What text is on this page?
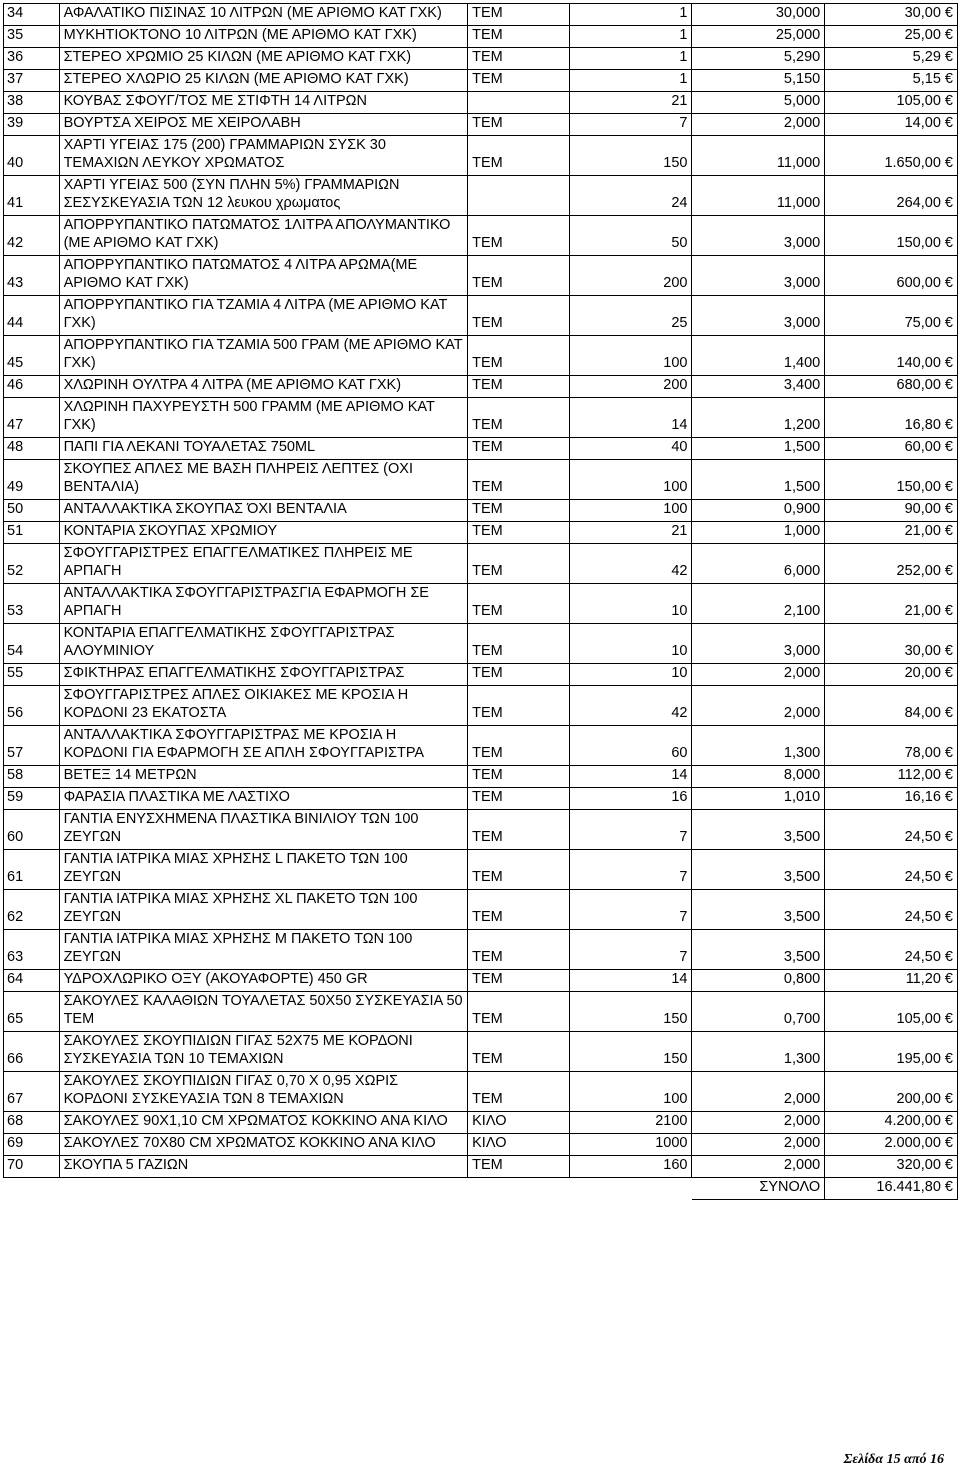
34	ΑΦΑΛΑΤΙΚΟ ΠΙΣΙΝΑΣ 10 ΛΙΤΡΩΝ (ΜΕ ΑΡΙΘΜΟ ΚΑΤ ΓΧΚ)	ΤΕΜ	1	30,000	30,00 €
35	ΜΥΚΗΤΙΟΚΤΟΝΟ 10 ΛΙΤΡΩΝ (ΜΕ ΑΡΙΘΜΟ ΚΑΤ ΓΧΚ)	ΤΕΜ	1	25,000	25,00 €
36	ΣΤΕΡΕΟ ΧΡΩΜΙΟ 25 ΚΙΛΩΝ (ΜΕ ΑΡΙΘΜΟ ΚΑΤ ΓΧΚ)	ΤΕΜ	1	5,290	5,29 €
37	ΣΤΕΡΕΟ ΧΛΩΡΙΟ 25 ΚΙΛΩΝ (ΜΕ ΑΡΙΘΜΟ ΚΑΤ ΓΧΚ)	ΤΕΜ	1	5,150	5,15 €
38	ΚΟΥΒΑΣ ΣΦΟΥΓ/ΤΟΣ ΜΕ ΣΤΙΦΤΗ 14 ΛΙΤΡΩΝ		21	5,000	105,00 €
39	ΒΟΥΡΤΣΑ ΧΕΙΡΟΣ ΜΕ ΧΕΙΡΟΛΑΒΗ	ΤΕΜ	7	2,000	14,00 €
40	ΧΑΡΤΙ ΥΓΕΙΑΣ 175 (200) ΓΡΑΜΜΑΡΙΩΝ ΣΥΣΚ 30 ΤΕΜΑΧΙΩΝ ΛΕΥΚΟΥ ΧΡΩΜΑΤΟΣ	ΤΕΜ	150	11,000	1.650,00 €
41	ΧΑΡΤΙ ΥΓΕΙΑΣ 500 (ΣΥΝ ΠΛΗΝ 5%) ΓΡΑΜΜΑΡΙΩΝ ΣΕΣΥΣΚΕΥΑΣΙΑ ΤΩΝ 12 λευκου χρωματος		24	11,000	264,00 €
42	ΑΠΟΡΡΥΠΑΝΤΙΚΟ ΠΑΤΩΜΑΤΟΣ 1ΛΙΤΡΑ ΑΠΟΛΥΜΑΝΤΙΚΟ (ΜΕ ΑΡΙΘΜΟ ΚΑΤ ΓΧΚ)	ΤΕΜ	50	3,000	150,00 €
43	ΑΠΟΡΡΥΠΑΝΤΙΚΟ ΠΑΤΩΜΑΤΟΣ 4 ΛΙΤΡΑ ΑΡΩΜΑ(ΜΕ ΑΡΙΘΜΟ ΚΑΤ ΓΧΚ)	ΤΕΜ	200	3,000	600,00 €
44	ΑΠΟΡΡΥΠΑΝΤΙΚΟ ΓΙΑ ΤΖΑΜΙΑ 4 ΛΙΤΡΑ (ΜΕ ΑΡΙΘΜΟ ΚΑΤ ΓΧΚ)	ΤΕΜ	25	3,000	75,00 €
45	ΑΠΟΡΡΥΠΑΝΤΙΚΟ ΓΙΑ ΤΖΑΜΙΑ 500 ΓΡΑΜ (ΜΕ ΑΡΙΘΜΟ ΚΑΤ ΓΧΚ)	ΤΕΜ	100	1,400	140,00 €
46	ΧΛΩΡΙΝΗ ΟΥΛΤΡΑ 4 ΛΙΤΡΑ (ΜΕ ΑΡΙΘΜΟ ΚΑΤ ΓΧΚ)	ΤΕΜ	200	3,400	680,00 €
47	ΧΛΩΡΙΝΗ ΠΑΧΥΡΕΥΣΤΗ 500 ΓΡΑΜΜ (ΜΕ ΑΡΙΘΜΟ ΚΑΤ ΓΧΚ)	ΤΕΜ	14	1,200	16,80 €
48	ΠΑΠΙ ΓΙΑ ΛΕΚΑΝΙ ΤΟΥΑΛΕΤΑΣ 750ML	ΤΕΜ	40	1,500	60,00 €
49	ΣΚΟΥΠΕΣ ΑΠΛΕΣ ΜΕ ΒΑΣΗ ΠΛΗΡΕΙΣ ΛΕΠΤΕΣ (ΟΧΙ ΒΕΝΤΑΛΙΑ)	ΤΕΜ	100	1,500	150,00 €
50	ΑΝΤΑΛΛΑΚΤΙΚΑ ΣΚΟΥΠΑΣ ΌΧΙ ΒΕΝΤΑΛΙΑ	ΤΕΜ	100	0,900	90,00 €
51	ΚΟΝΤΑΡΙΑ ΣΚΟΥΠΑΣ ΧΡΩΜΙΟΥ	ΤΕΜ	21	1,000	21,00 €
52	ΣΦΟΥΓΓΑΡΙΣΤΡΕΣ ΕΠΑΓΓΕΛΜΑΤΙΚΕΣ ΠΛΗΡΕΙΣ ΜΕ ΑΡΠΑΓΗ	ΤΕΜ	42	6,000	252,00 €
53	ΑΝΤΑΛΛΑΚΤΙΚΑ ΣΦΟΥΓΓΑΡΙΣΤΡΑΣΓΙΑ ΕΦΑΡΜΟΓΗ ΣΕ ΑΡΠΑΓΗ	ΤΕΜ	10	2,100	21,00 €
54	ΚΟΝΤΑΡΙΑ ΕΠΑΓΓΕΛΜΑΤΙΚΗΣ ΣΦΟΥΓΓΑΡΙΣΤΡΑΣ ΑΛΟΥΜΙΝΙΟΥ	ΤΕΜ	10	3,000	30,00 €
55	ΣΦΙΚΤΗΡΑΣ ΕΠΑΓΓΕΛΜΑΤΙΚΗΣ ΣΦΟΥΓΓΑΡΙΣΤΡΑΣ	ΤΕΜ	10	2,000	20,00 €
56	ΣΦΟΥΓΓΑΡΙΣΤΡΕΣ ΑΠΛΕΣ ΟΙΚΙΑΚΕΣ ΜΕ ΚΡΟΣΙΑ Η ΚΟΡΔΟΝΙ 23 ΕΚΑΤΟΣΤΑ	ΤΕΜ	42	2,000	84,00 €
57	ΑΝΤΑΛΛΑΚΤΙΚΑ ΣΦΟΥΓΓΑΡΙΣΤΡΑΣ ΜΕ ΚΡΟΣΙΑ Η ΚΟΡΔΟΝΙ ΓΙΑ ΕΦΑΡΜΟΓΗ ΣΕ ΑΠΛΗ ΣΦΟΥΓΓΑΡΙΣΤΡΑ	ΤΕΜ	60	1,300	78,00 €
58	ΒΕΤΕΞ 14 ΜΕΤΡΩΝ	ΤΕΜ	14	8,000	112,00 €
59	ΦΑΡΑΣΙΑ ΠΛΑΣΤΙΚΑ ΜΕ ΛΑΣΤΙΧΟ	ΤΕΜ	16	1,010	16,16 €
60	ΓΑΝΤΙΑ ΕΝΥΣΧΗΜΕΝΑ ΠΛΑΣΤΙΚΑ ΒΙΝΙΛΙΟΥ ΤΩΝ 100 ΖΕΥΓΩΝ	ΤΕΜ	7	3,500	24,50 €
61	ΓΑΝΤΙΑ ΙΑΤΡΙΚΑ ΜΙΑΣ ΧΡΗΣΗΣ L ΠΑΚΕΤΟ ΤΩΝ 100 ΖΕΥΓΩΝ	ΤΕΜ	7	3,500	24,50 €
62	ΓΑΝΤΙΑ ΙΑΤΡΙΚΑ ΜΙΑΣ ΧΡΗΣΗΣ XL ΠΑΚΕΤΟ ΤΩΝ 100 ΖΕΥΓΩΝ	ΤΕΜ	7	3,500	24,50 €
63	ΓΑΝΤΙΑ ΙΑΤΡΙΚΑ ΜΙΑΣ ΧΡΗΣΗΣ Μ ΠΑΚΕΤΟ ΤΩΝ 100 ΖΕΥΓΩΝ	ΤΕΜ	7	3,500	24,50 €
64	ΥΔΡΟΧΛΩΡΙΚΟ ΟΞΥ (ΑΚΟΥΑΦΟΡΤΕ) 450 GR	ΤΕΜ	14	0,800	11,20 €
65	ΣΑΚΟΥΛΕΣ ΚΑΛΑΘΙΩΝ ΤΟΥΑΛΕΤΑΣ 50Χ50 ΣΥΣΚΕΥΑΣΙΑ 50 ΤΕΜ	ΤΕΜ	150	0,700	105,00 €
66	ΣΑΚΟΥΛΕΣ ΣΚΟΥΠΙΔΙΩΝ ΓΙΓΑΣ 52Χ75 ΜΕ ΚΟΡΔΟΝΙ ΣΥΣΚΕΥΑΣΙΑ ΤΩΝ 10 ΤΕΜΑΧΙΩΝ	ΤΕΜ	150	1,300	195,00 €
67	ΣΑΚΟΥΛΕΣ ΣΚΟΥΠΙΔΙΩΝ ΓΙΓΑΣ 0,70 Χ 0,95 ΧΩΡΙΣ ΚΟΡΔΟΝΙ ΣΥΣΚΕΥΑΣΙΑ ΤΩΝ 8 ΤΕΜΑΧΙΩΝ	ΤΕΜ	100	2,000	200,00 €
68	ΣΑΚΟΥΛΕΣ 90Χ1,10 CM ΧΡΩΜΑΤΟΣ ΚΟΚΚΙΝΟ ΑΝΑ ΚΙΛΟ	ΚΙΛΟ	2100	2,000	4.200,00 €
69	ΣΑΚΟΥΛΕΣ 70Χ80 CM ΧΡΩΜΑΤΟΣ ΚΟΚΚΙΝΟ ΑΝΑ ΚΙΛΟ	ΚΙΛΟ	1000	2,000	2.000,00 €
70	ΣΚΟΥΠΑ 5 ΓΑΖΙΩΝ	ΤΕΜ	160	2,000	320,00 €
				ΣΥΝΟΛΟ	16.441,80 €
Σελίδα 15 από 16
